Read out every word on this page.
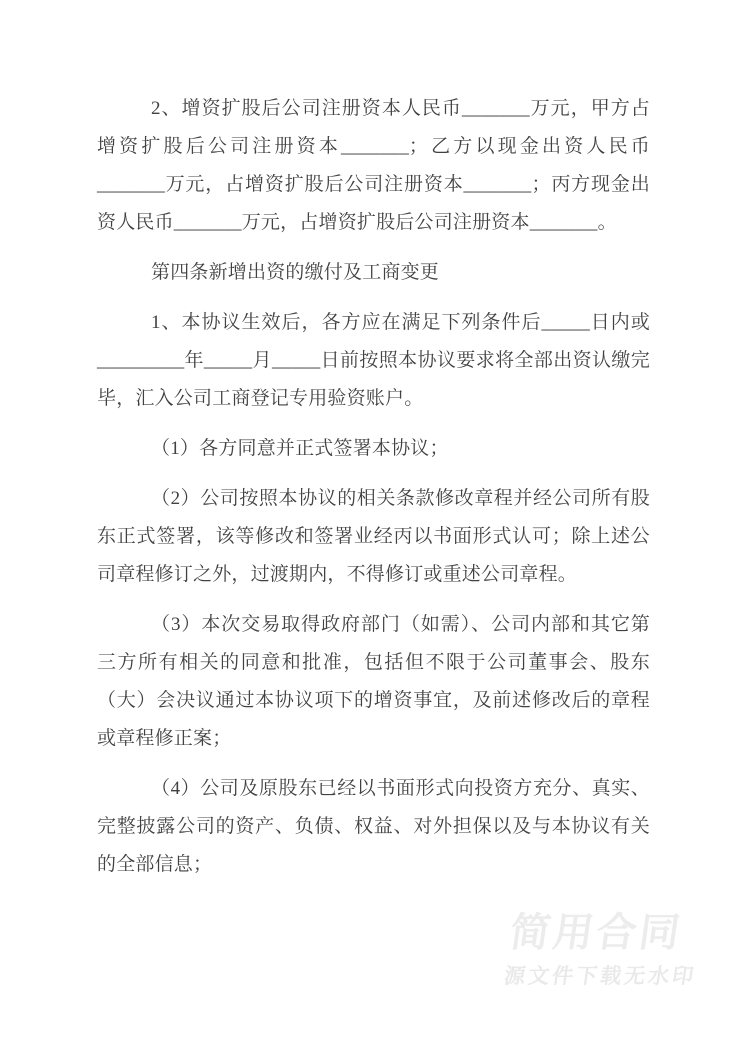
2、增资扩股后公司注册资本人民币_______万元，甲方占增资扩股后公司注册资本_______；乙方以现金出资人民币_______万元，占增资扩股后公司注册资本_______；丙方现金出资人民币_______万元，占增资扩股后公司注册资本_______。

第四条新增出资的缴付及工商变更

1、本协议生效后，各方应在满足下列条件后_____日内或_________年_____月_____日前按照本协议要求将全部出资认缴完毕，汇入公司工商登记专用验资账户。

（1）各方同意并正式签署本协议；

（2）公司按照本协议的相关条款修改章程并经公司所有股东正式签署，该等修改和签署业经丙以书面形式认可；除上述公司章程修订之外，过渡期内，不得修订或重述公司章程。

（3）本次交易取得政府部门（如需）、公司内部和其它第三方所有相关的同意和批准，包括但不限于公司董事会、股东（大）会决议通过本协议项下的增资事宜，及前述修改后的章程或章程修正案；

（4）公司及原股东已经以书面形式向投资方充分、真实、完整披露公司的资产、负债、权益、对外担保以及与本协议有关的全部信息；

简用合同
源文件下载无水印
